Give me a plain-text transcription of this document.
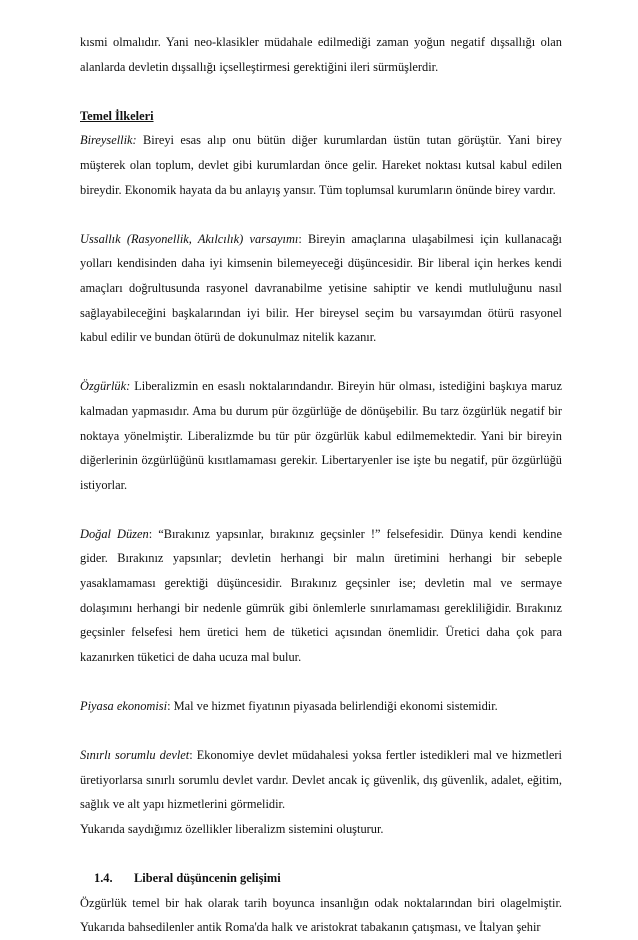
kısmi olmalıdır. Yani neo-klasikler müdahale edilmediği zaman yoğun negatif dışsallığı olan alanlarda devletin dışsallığı içselleştirmesi gerektiğini ileri sürmüşlerdir.

Temel İlkeleri

Bireysellik: Bireyi esas alıp onu bütün diğer kurumlardan üstün tutan görüştür. Yani birey müşterek olan toplum, devlet gibi kurumlardan önce gelir. Hareket noktası kutsal kabul edilen bireydir. Ekonomik hayata da bu anlayış yansır. Tüm toplumsal kurumların önünde birey vardır.

Ussallık (Rasyonellik, Akılcılık) varsayımı: Bireyin amaçlarına ulaşabilmesi için kullanacağı yolları kendisinden daha iyi kimsenin bilemeyeceği düşüncesidir. Bir liberal için herkes kendi amaçları doğrultusunda rasyonel davranabilme yetisine sahiptir ve kendi mutluluğunu nasıl sağlayabileceğini başkalarından iyi bilir. Her bireysel seçim bu varsayımdan ötürü rasyonel kabul edilir ve bundan ötürü de dokunulmaz nitelik kazanır.

Özgürlük: Liberalizmin en esaslı noktalarındandır. Bireyin hür olması, istediğini başkıya maruz kalmadan yapmasıdır. Ama bu durum pür özgürlüğe de dönüşebilir. Bu tarz özgürlük negatif bir noktaya yönelmiştir. Liberalizmde bu tür pür özgürlük kabul edilmemektedir. Yani bir bireyin diğerlerinin özgürlüğünü kısıtlamaması gerekir. Libertaryenler ise işte bu negatif, pür özgürlüğü istiyorlar.

Doğal Düzen: “Bırakınız yapsınlar, bırakınız geçsinler !” felsefesidir. Dünya kendi kendine gider. Bırakınız yapsınlar; devletin herhangi bir malın üretimini herhangi bir sebeple yasaklamaması gerektiği düşüncesidir. Bırakınız geçsinler ise; devletin mal ve sermaye dolaşımını herhangi bir nedenle gümrük gibi önlemlerle sınırlamaması gerekliliğidir. Bırakınız geçsinler felsefesi hem üretici hem de tüketici açısından önemlidir. Üretici daha çok para kazanırken tüketici de daha ucuza mal bulur.

Piyasa ekonomisi: Mal ve hizmet fiyatının piyasada belirlendiği ekonomi sistemidir.

Sınırlı sorumlu devlet: Ekonomiye devlet müdahalesi yoksa fertler istedikleri mal ve hizmetleri üretiyorlarsa sınırlı sorumlu devlet vardır. Devlet ancak iç güvenlik, dış güvenlik, adalet, eğitim, sağlık ve alt yapı hizmetlerini görmelidir.

Yukarıda saydığımız özellikler liberalizm sistemini oluşturur.

1.4. Liberal düşüncenin gelişimi

Özgürlük temel bir hak olarak tarih boyunca insanlığın odak noktalarından biri olagelmiştir. Yukarıda bahsedilenler antik Roma'da halk ve aristokrat tabakanın çatışması, ve İtalyan şehir
